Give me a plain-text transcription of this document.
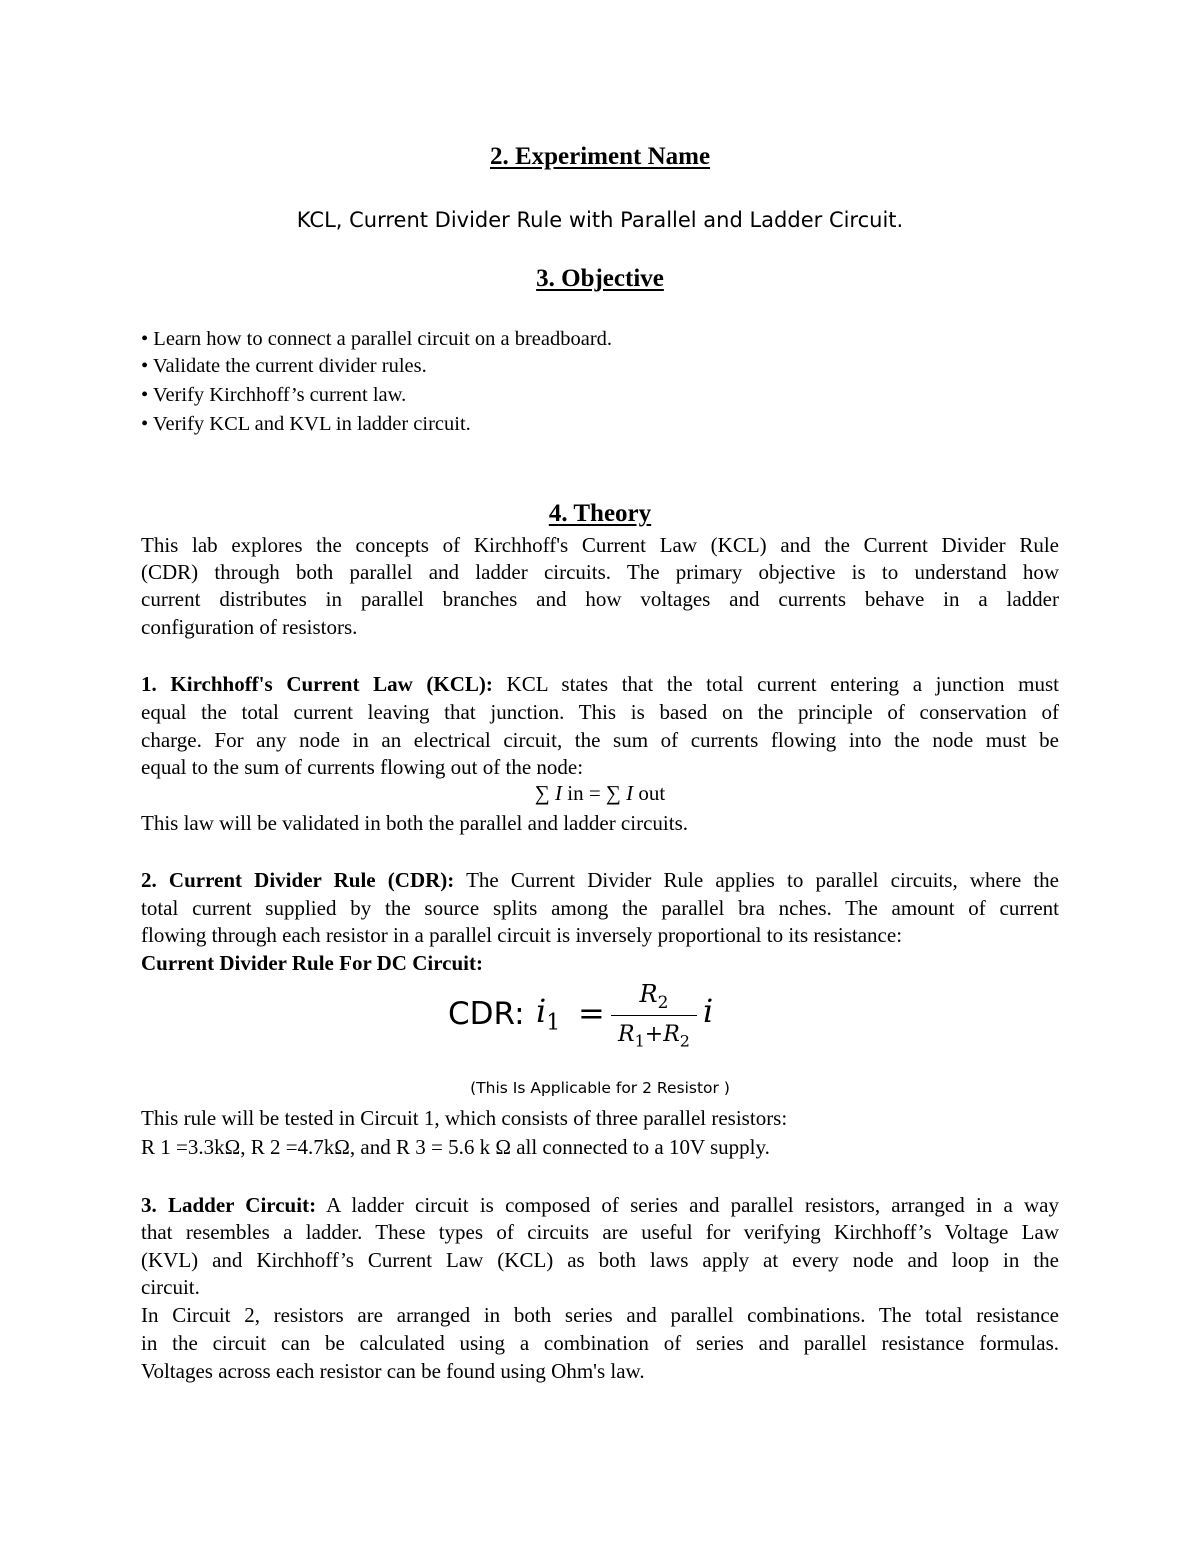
2. Experiment Name
KCL, Current Divider Rule with Parallel and Ladder Circuit.
3. Objective
• Learn how to connect a parallel circuit on a breadboard.
• Validate the current divider rules.
• Verify Kirchhoff’s current law.
• Verify KCL and KVL in ladder circuit.
4. Theory
This lab explores the concepts of Kirchhoff's Current Law (KCL) and the Current Divider Rule
(CDR) through both parallel and ladder circuits. The primary objective is to understand how
current distributes in parallel branches and how voltages and currents behave in a ladder
configuration of resistors.
1. Kirchhoff's Current Law (KCL): KCL states that the total current entering a junction must
equal the total current leaving that junction. This is based on the principle of conservation of
charge. For any node in an electrical circuit, the sum of currents flowing into the node must be
equal to the sum of currents flowing out of the node:
∑ I in = ∑ I out
This law will be validated in both the parallel and ladder circuits.
2. Current Divider Rule (CDR): The Current Divider Rule applies to parallel circuits, where the
total current supplied by the source splits among the parallel bra nches. The amount of current
flowing through each resistor in a parallel circuit is inversely proportional to its resistance:
Current Divider Rule For DC Circuit:
CDR: $i_1$ =	$R_2$
$R_1+R_2$
i
(This Is Applicable for 2 Resistor )
This rule will be tested in Circuit 1, which consists of three parallel resistors:
R 1 =3.3kΩ, R 2 =4.7kΩ, and R 3 = 5.6 k Ω all connected to a 10V supply.
3. Ladder Circuit: A ladder circuit is composed of series and parallel resistors, arranged in a way
that resembles a ladder. These types of circuits are useful for verifying Kirchhoff’s Voltage Law
(KVL) and Kirchhoff’s Current Law (KCL) as both laws apply at every node and loop in the
circuit.
In Circuit 2, resistors are arranged in both series and parallel combinations. The total resistance
in the circuit can be calculated using a combination of series and parallel resistance formulas.
Voltages across each resistor can be found using Ohm's law.
